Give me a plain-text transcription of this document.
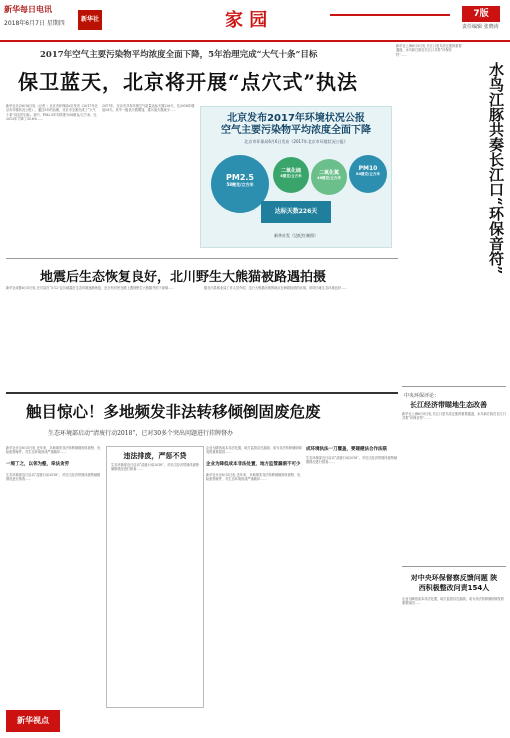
新华每日电讯
2018年6月7日 星期四
新华社	家 园	7版
责任编辑 张晓涛
2017年空气主要污染物平均浓度全面下降，5年治理完成“大气十条”目标
保卫蓝天，北京将开展“点穴式”执法
新华社北京6月6日电（记者 ）北京市环保局6日发布《2017年北京市环境状况公报》。通过5年的治理，北京市全面完成了“大气十条”设定的目标。其中，PM2.5年均浓度为58微克/立方米，比2013年下降了35.6%……
2017年，北京市共有环境空气质量达标天数226天，比2016年增加28天。其中一级优天数增加，重污染天数减少……
北京发布2017年环境状况公报
空气主要污染物平均浓度全面下降
北京市环保局6月6日发布《2017年北京市环境状况公报》
PM2.5
58微克/立方米
二氧化硫
8微克/立方米	二氧化氮
46微克/立方米
PM10
84微克/立方米
达标天数226天
新华社发（边纪红制图）
新华社上海6月5日电 长江口是鸟类迁徙的重要通道，水鸟和江豚在长江口共奏“环保音符”……
水鸟江豚共奏长江口“环保音符”
地震后生态恢复良好，北川野生大熊猫被路遇拍摄
新华社成都6月5日电 北川县在“5·12”汶川地震后生态环境逐渐恢复，近日有村民在路上遇到野生大熊猫并拍下视频……	据北川县林业局工作人员介绍，这只大熊猫出现的地点在海拔较低的区域，说明当地生态环境良好……
中央环保评论：
长江经济带瞄地生态改善
新华社上海6月5日电 长江口是鸟类迁徙的重要通道，水鸟和江豚在长江口共奏“环保音符”……
对中央环保督察反馈问题 陕西积极整改问责154人
企业为降低成本非法处置，地方监管存在漏洞，成为非法转移倾倒频发的重要原因……
触目惊心！多地频发非法转移倾倒固废危废
生态环境部启动“清废行动2018”，已对30多个突出问题进行挂牌督办
新华社北京6月5日电 近年来，多地频发非法转移倾倒固体废物、危险废物案件，对生态环境造成严重破坏……
一堤丁之，以邻为壑，牵法贪劳
生态环境部近日启动“清废行动2018”，对长江经济带固体废物倾倒情况进行排查……
违法排废，严惩不贷
生态环境部近日启动“清废行动2018”，对长江经济带固体废物倾倒情况进行排查……
企业为降低成本非法处置，地方监管存在漏洞，成为非法转移倾倒频发的重要原因……
企业为降低成本非法处置，地方监管漏洞不可少
新华社北京6月5日电 近年来，多地频发非法转移倾倒固体废物、危险废物案件，对生态环境造成严重破坏……
成环境执法一刀覆盖，要建健法合作法联
生态环境部近日启动“清废行动2018”，对长江经济带固体废物倾倒情况进行排查……
新华视点
